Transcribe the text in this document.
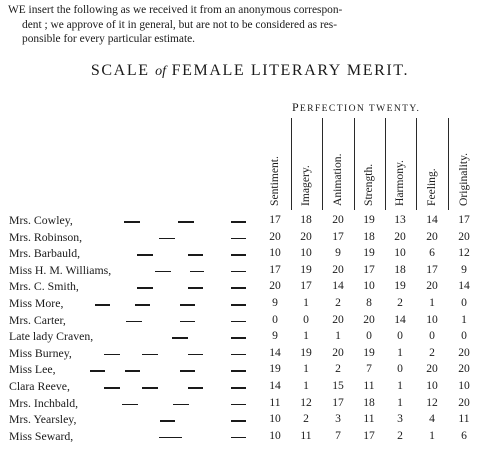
WE insert the following as we received it from an anonymous correspon-
dent ; we approve of it in general, but are not to be considered as res-
ponsible for every particular estimate.
SCALE of FEMALE LITERARY MERIT.
PERFECTION TWENTY.
Sentiment. Imagery. Animation. Strength. Harmony. Feeling. Originality.
Mrs. Cowley,	17	18	20	19	13	14	17
Mrs. Robinson,	20	20	17	18	20	20	20
Mrs. Barbauld,	10	10	9	19	10	6	12
Miss H. M. Williams,	17	19	20	17	18	17	9
Mrs. C. Smith,	20	17	14	10	19	20	14
Miss More,	9	1	2	8	2	1	0
Mrs. Carter,	0	0	20	20	14	10	1
Late lady Craven,	9	1	1	0	0	0	0
Miss Burney,	14	19	20	19	1	2	20
Miss Lee,	19	1	2	7	0	20	20
Clara Reeve,	14	1	15	11	1	10	10
Mrs. Inchbald,	11	12	17	18	1	12	20
Mrs. Yearsley,	10	2	3	11	3	4	11
Miss Seward,	10	11	7	17	2	1	6
